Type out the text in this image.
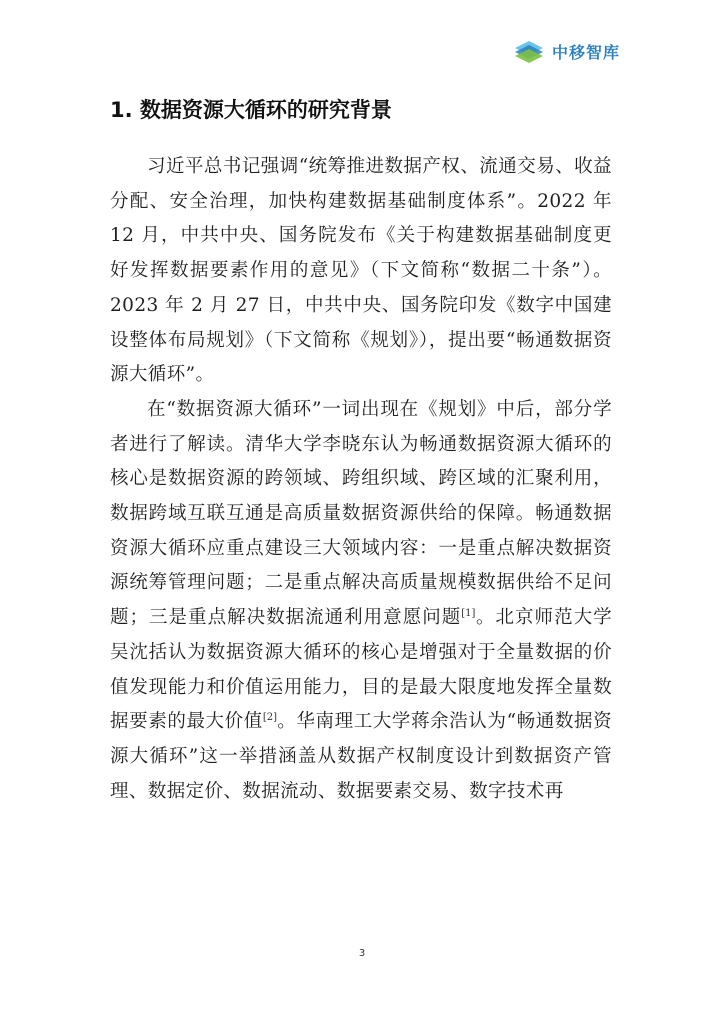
中移智库
1. 数据资源大循环的研究背景

习近平总书记强调“统筹推进数据产权、流通交易、收益分配、安全治理，加快构建数据基础制度体系”。2022 年 12 月，中共中央、国务院发布《关于构建数据基础制度更好发挥数据要素作用的意见》（下文简称“数据二十条”）。2023 年 2 月 27 日，中共中央、国务院印发《数字中国建设整体布局规划》（下文简称《规划》），提出要“畅通数据资源大循环”。

在“数据资源大循环”一词出现在《规划》中后，部分学者进行了解读。清华大学李晓东认为畅通数据资源大循环的核心是数据资源的跨领域、跨组织域、跨区域的汇聚利用，数据跨域互联互通是高质量数据资源供给的保障。畅通数据资源大循环应重点建设三大领域内容：一是重点解决数据资源统筹管理问题；二是重点解决高质量规模数据供给不足问题；三是重点解决数据流通利用意愿问题[1]。北京师范大学吴沈括认为数据资源大循环的核心是增强对于全量数据的价值发现能力和价值运用能力，目的是最大限度地发挥全量数据要素的最大价值[2]。华南理工大学蒋余浩认为“畅通数据资源大循环”这一举措涵盖从数据产权制度设计到数据资产管理、数据定价、数据流动、数据要素交易、数字技术再

3
